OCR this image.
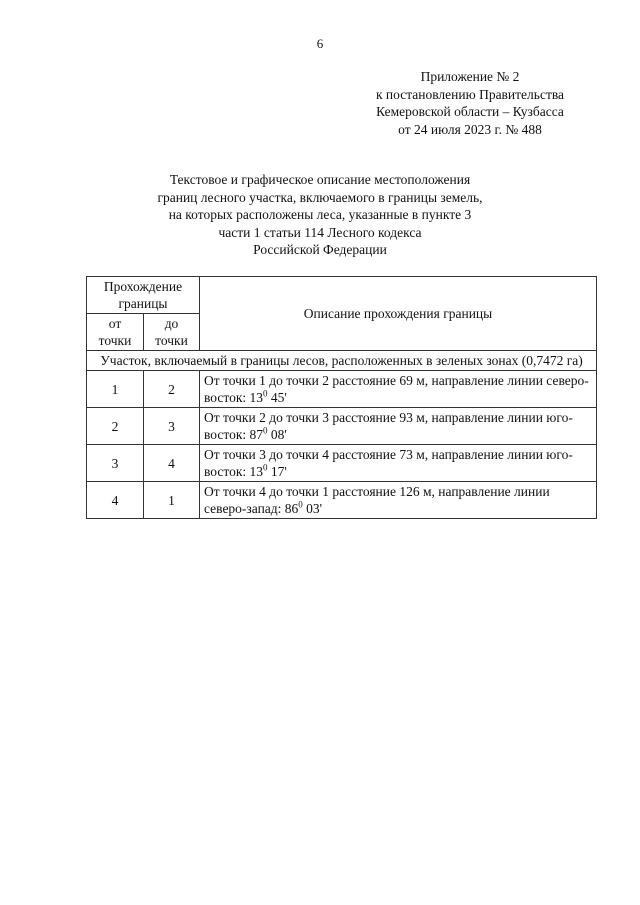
6
Приложение № 2
к постановлению Правительства
Кемеровской области – Кузбасса
от 24 июля 2023 г. № 488
Текстовое и графическое описание местоположения
границ лесного участка, включаемого в границы земель,
на которых расположены леса, указанные в пункте 3
части 1 статьи 114 Лесного кодекса
Российской Федерации
Прохождение границы		Описание прохождения границы
от точки	до точки	
Участок, включаемый в границы лесов, расположенных в зеленых зонах (0,7472 га)		
1	2	От точки 1 до точки 2 расстояние 69 м, направление линии северо-восток: $13^0$ 45'
2	3	От точки 2 до точки 3 расстояние 93 м, направление линии юго-восток: $87^0$ 08'
3	4	От точки 3 до точки 4 расстояние 73 м, направление линии юго-восток: $13^0$ 17'
4	1	От точки 4 до точки 1 расстояние 126 м, направление линии северо-запад: $86^0$ 03'
